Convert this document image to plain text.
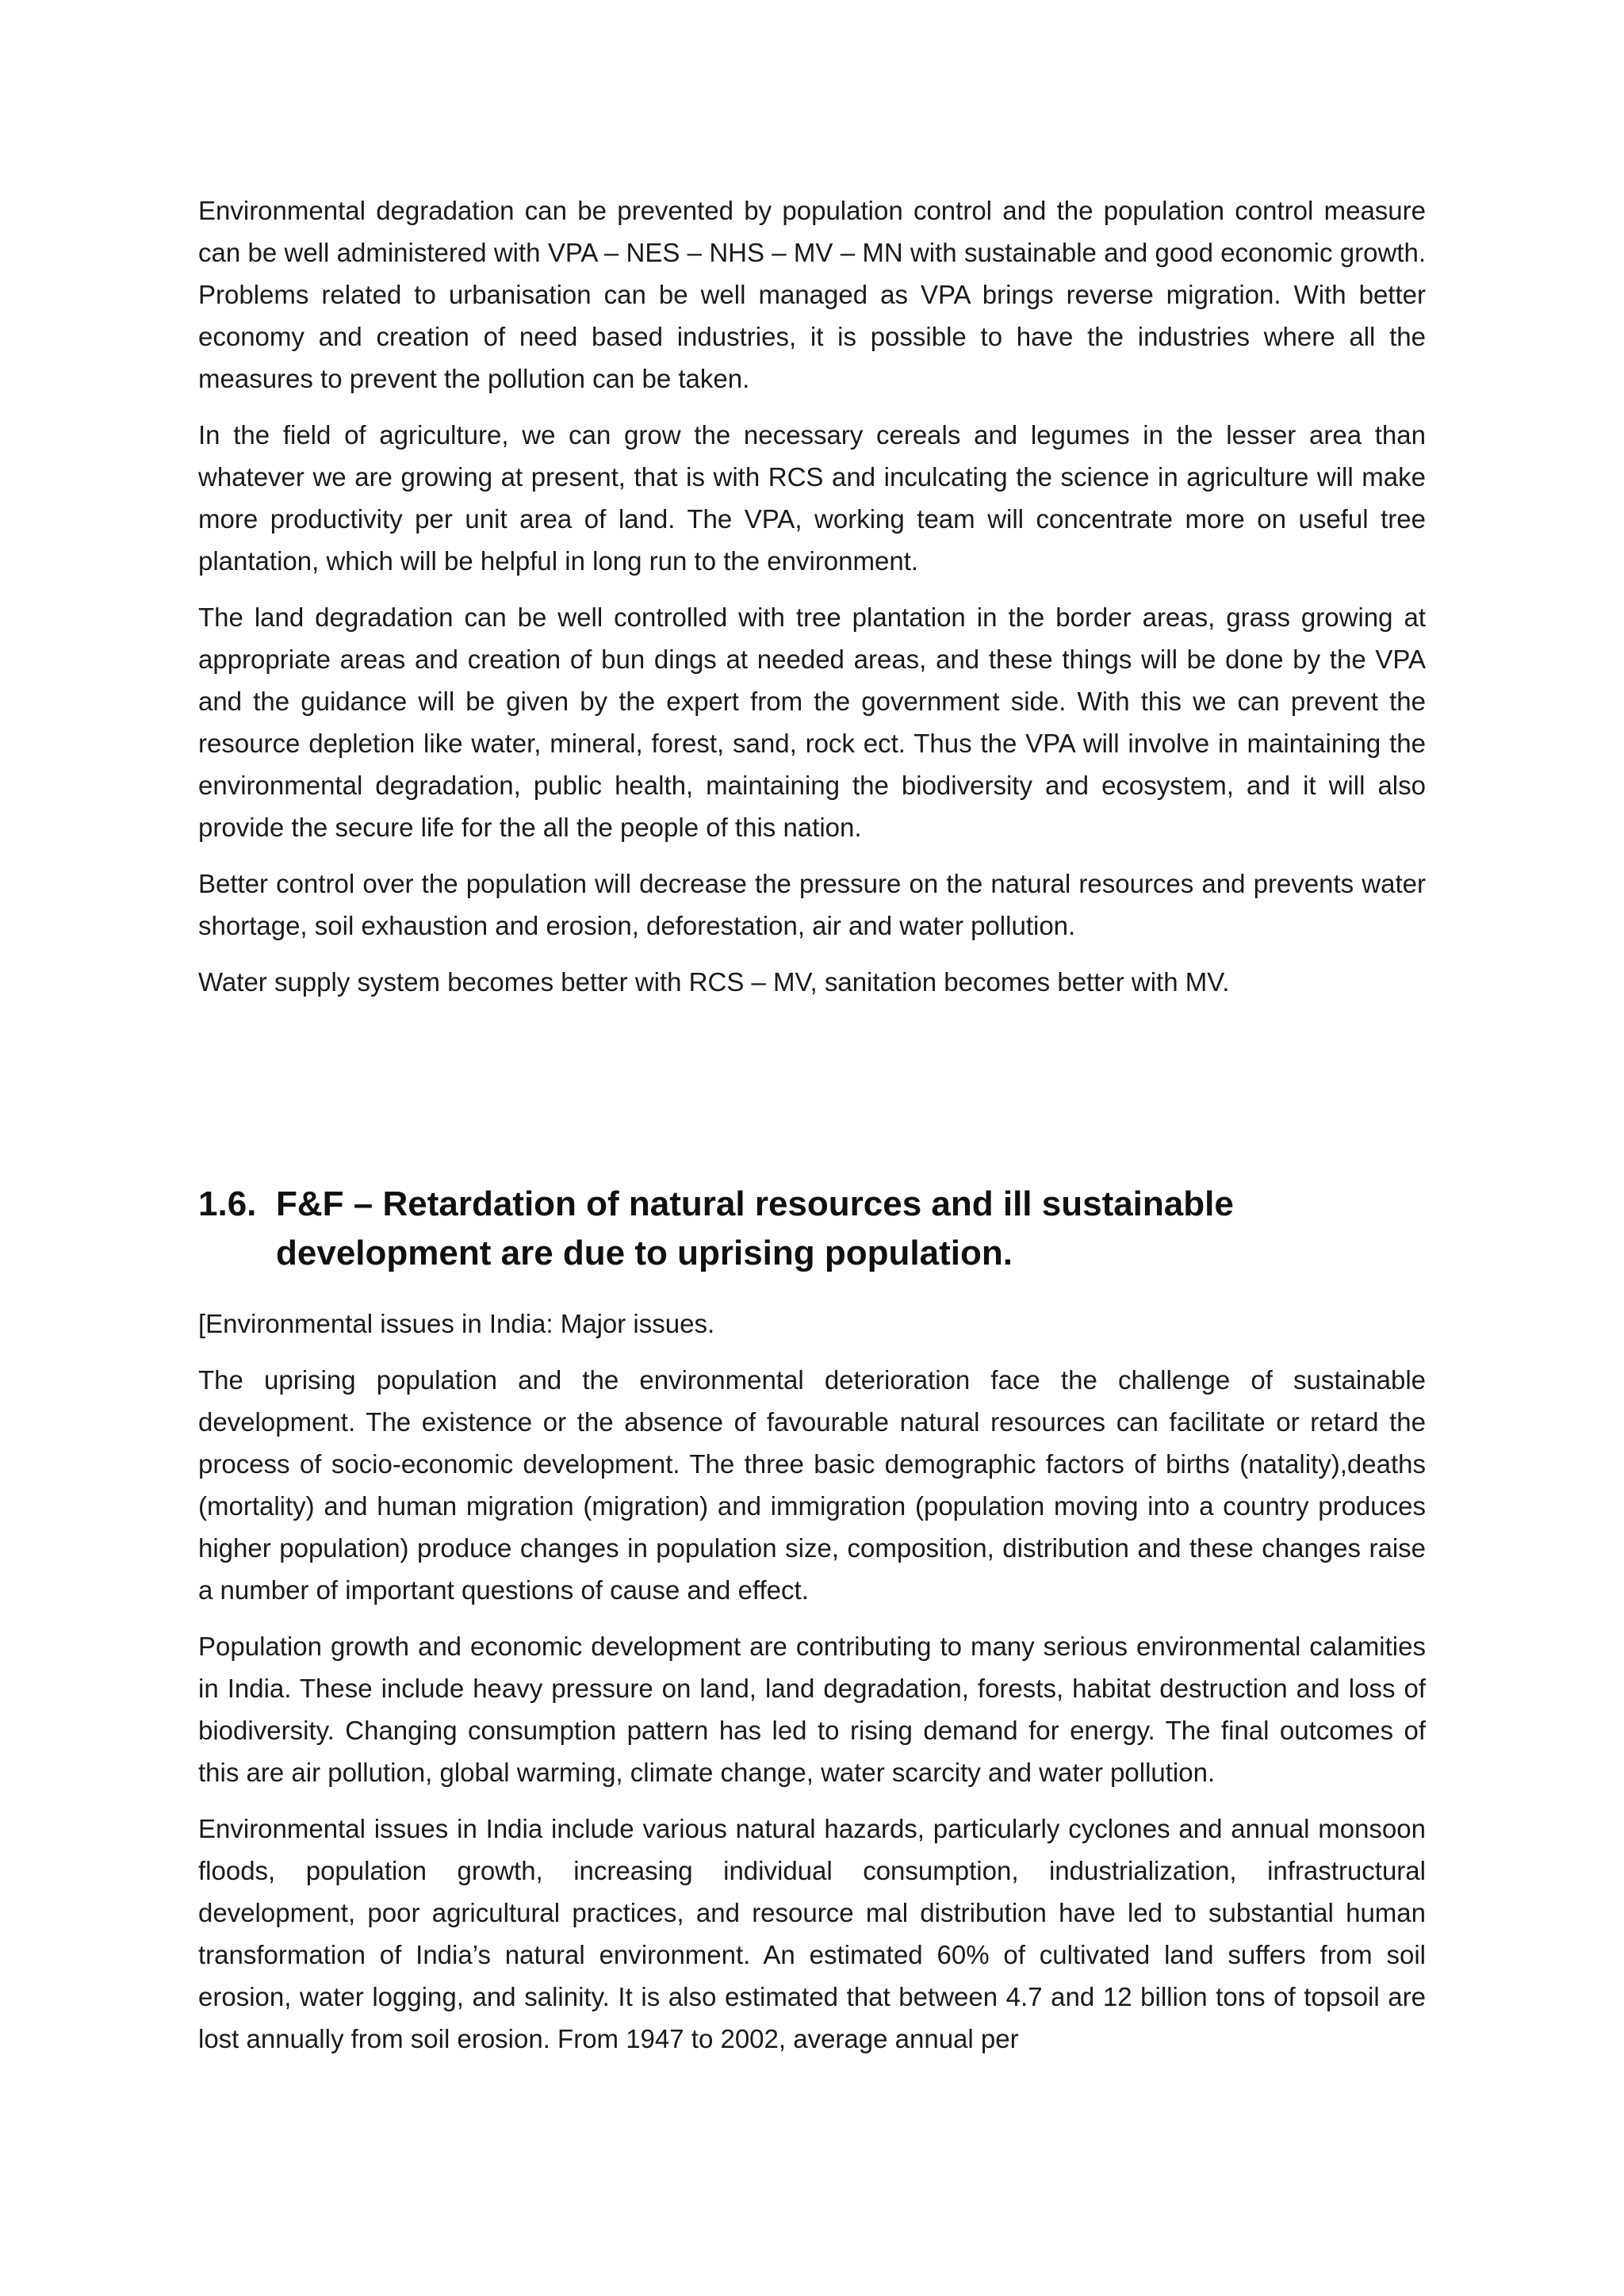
Environmental degradation can be prevented by population control and the population control measure can be well administered with VPA – NES – NHS – MV – MN with sustainable and good economic growth. Problems related to urbanisation can be well managed as VPA brings reverse migration. With better economy and creation of need based industries, it is possible to have the industries where all the measures to prevent the pollution can be taken.

In the field of agriculture, we can grow the necessary cereals and legumes in the lesser area than whatever we are growing at present, that is with RCS and inculcating the science in agriculture will make more productivity per unit area of land. The VPA, working team will concentrate more on useful tree plantation, which will be helpful in long run to the environment.

The land degradation can be well controlled with tree plantation in the border areas, grass growing at appropriate areas and creation of bun dings at needed areas, and these things will be done by the VPA and the guidance will be given by the expert from the government side. With this we can prevent the resource depletion like water, mineral, forest, sand, rock ect. Thus the VPA will involve in maintaining the environmental degradation, public health, maintaining the biodiversity and ecosystem, and it will also provide the secure life for the all the people of this nation.

Better control over the population will decrease the pressure on the natural resources and prevents water shortage, soil exhaustion and erosion, deforestation, air and water pollution.

Water supply system becomes better with RCS – MV, sanitation becomes better with MV.

1.6. F&F – Retardation of natural resources and ill sustainable development are due to uprising population.

[Environmental issues in India: Major issues.

The uprising population and the environmental deterioration face the challenge of sustainable development. The existence or the absence of favourable natural resources can facilitate or retard the process of socio-economic development. The three basic demographic factors of births (natality),deaths (mortality) and human migration (migration) and immigration (population moving into a country produces higher population) produce changes in population size, composition, distribution and these changes raise a number of important questions of cause and effect.

Population growth and economic development are contributing to many serious environmental calamities in India. These include heavy pressure on land, land degradation, forests, habitat destruction and loss of biodiversity. Changing consumption pattern has led to rising demand for energy. The final outcomes of this are air pollution, global warming, climate change, water scarcity and water pollution.

Environmental issues in India include various natural hazards, particularly cyclones and annual monsoon floods, population growth, increasing individual consumption, industrialization, infrastructural development, poor agricultural practices, and resource mal distribution have led to substantial human transformation of India’s natural environment. An estimated 60% of cultivated land suffers from soil erosion, water logging, and salinity. It is also estimated that between 4.7 and 12 billion tons of topsoil are lost annually from soil erosion. From 1947 to 2002, average annual per
